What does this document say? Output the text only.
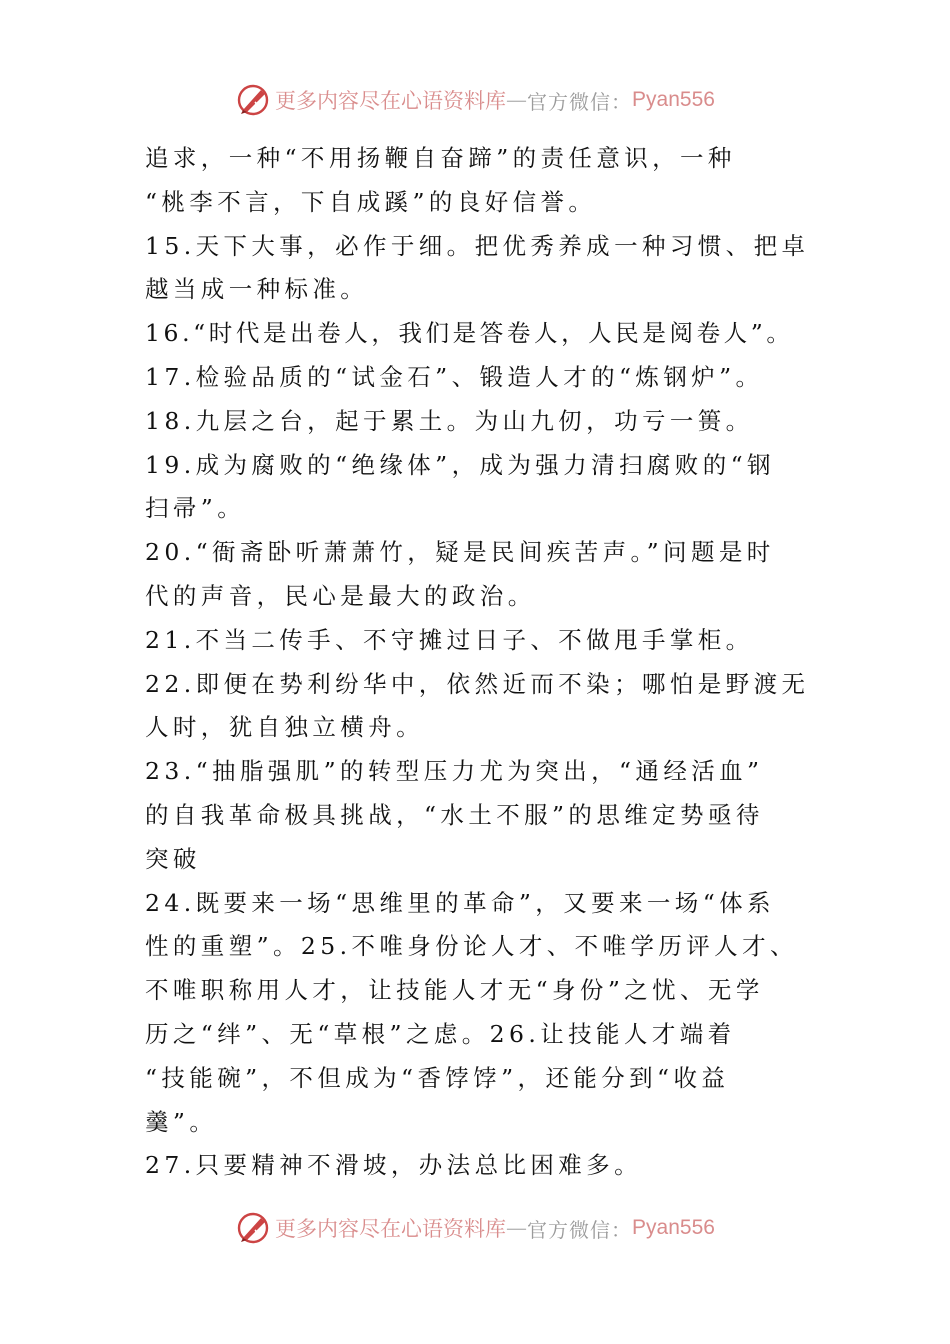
更多内容尽在心语资料库 — 官方微信： Pyan556
追求，一种“不用扬鞭自奋蹄”的责任意识，一种
“桃李不言，下自成蹊”的良好信誉。
15.天下大事，必作于细。把优秀养成一种习惯、把卓
越当成一种标准。
16.“时代是出卷人，我们是答卷人，人民是阅卷人”。
17.检验品质的“试金石”、锻造人才的“炼钢炉”。
18.九层之台，起于累土。为山九仞，功亏一篑。
19.成为腐败的“绝缘体”，成为强力清扫腐败的“钢
扫帚”。
20.“衙斋卧听萧萧竹，疑是民间疾苦声。”问题是时
代的声音，民心是最大的政治。
21.不当二传手、不守摊过日子、不做甩手掌柜。
22.即便在势利纷华中，依然近而不染；哪怕是野渡无
人时，犹自独立横舟。
23.“抽脂强肌”的转型压力尤为突出，“通经活血”
的自我革命极具挑战，“水土不服”的思维定势亟待
突破
24.既要来一场“思维里的革命”，又要来一场“体系
性的重塑”。25.不唯身份论人才、不唯学历评人才、
不唯职称用人才，让技能人才无“身份”之忧、无学
历之“绊”、无“草根”之虑。26.让技能人才端着
“技能碗”，不但成为“香饽饽”，还能分到“收益
羹”。
27.只要精神不滑坡，办法总比困难多。
更多内容尽在心语资料库 — 官方微信： Pyan556
